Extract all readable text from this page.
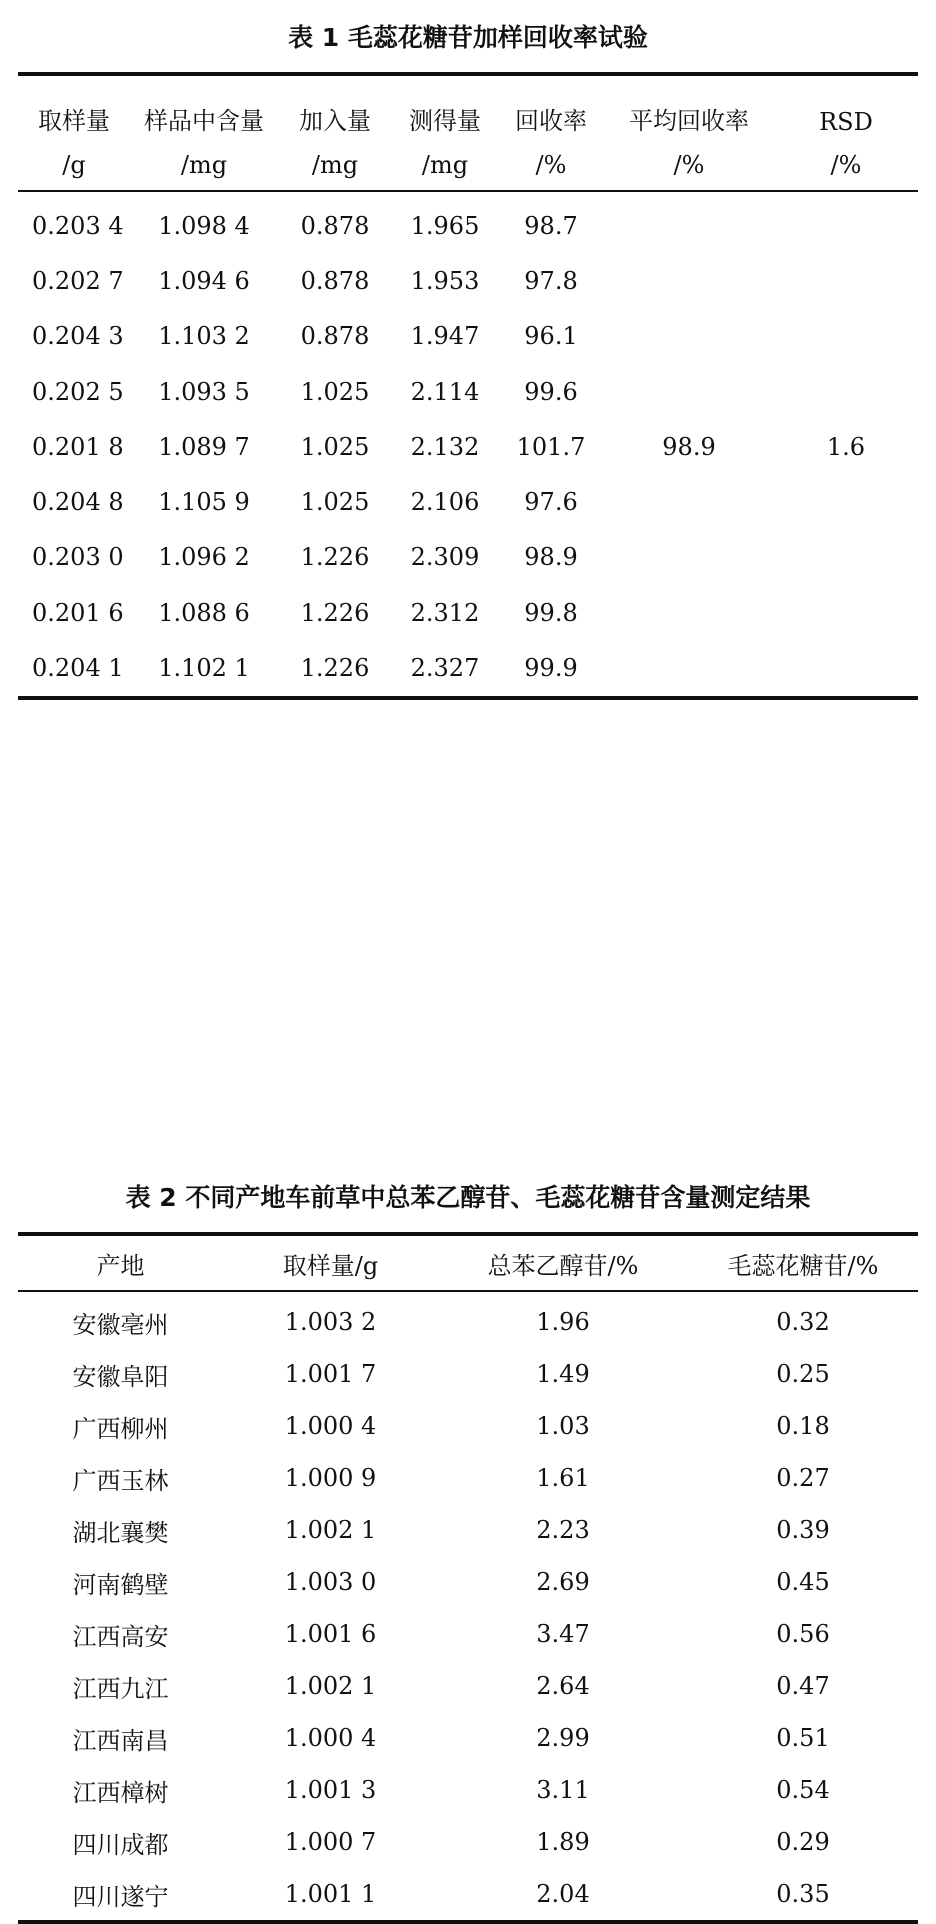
表 1 毛蕊花糖苷加样回收率试验
取样量	样品中含量	加入量	测得量	回收率	平均回收率	RSD
/g	/mg	/mg	/mg	/%	/%	/%
0.203 4	1.098 4	0.878	1.965	98.7	98.9	1.6
0.202 7	1.094 6	0.878	1.953	97.8		
0.204 3	1.103 2	0.878	1.947	96.1		
0.202 5	1.093 5	1.025	2.114	99.6		
0.201 8	1.089 7	1.025	2.132	101.7		
0.204 8	1.105 9	1.025	2.106	97.6		
0.203 0	1.096 2	1.226	2.309	98.9		
0.201 6	1.088 6	1.226	2.312	99.8		
0.204 1	1.102 1	1.226	2.327	99.9		
表 2 不同产地车前草中总苯乙醇苷、毛蕊花糖苷含量测定结果
产地	取样量/g	总苯乙醇苷/%	毛蕊花糖苷/%
安徽亳州	1.003 2	1.96	0.32
安徽阜阳	1.001 7	1.49	0.25
广西柳州	1.000 4	1.03	0.18
广西玉林	1.000 9	1.61	0.27
湖北襄樊	1.002 1	2.23	0.39
河南鹤壁	1.003 0	2.69	0.45
江西高安	1.001 6	3.47	0.56
江西九江	1.002 1	2.64	0.47
江西南昌	1.000 4	2.99	0.51
江西樟树	1.001 3	3.11	0.54
四川成都	1.000 7	1.89	0.29
四川遂宁	1.001 1	2.04	0.35
